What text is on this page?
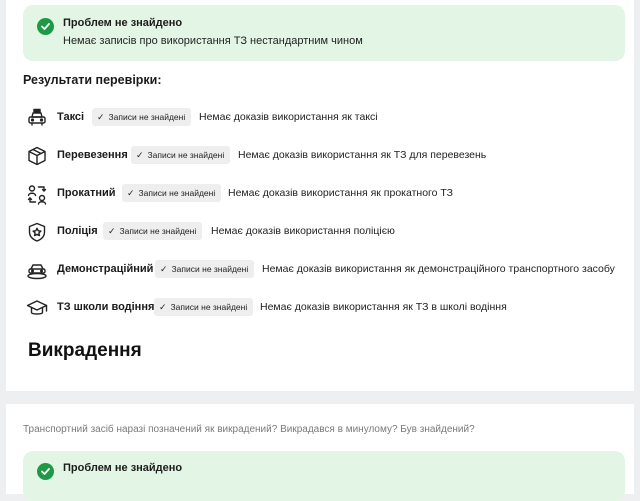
Проблем не знайдено
Немає записів про використання ТЗ нестандартним чином
Результати перевірки:
Таксі	✓ Записи не знайдені	Немає доказів використання як таксі
Перевезення ✓ Записи не знайдені	Немає доказів використання як ТЗ для перевезень
Прокатний	✓ Записи не знайдені	Немає доказів використання як прокатного ТЗ
Поліція	✓ Записи не знайдені	Немає доказів використання поліцією
Демонстраційний ✓ Записи не знайдені	Немає доказів використання як демонстраційного транспортного засобу
ТЗ школи водіння ✓ Записи не знайдені	Немає доказів використання як ТЗ в школі водіння
Викрадення
Транспортний засіб наразі позначений як викрадений? Викрадався в минулому? Був знайдений?
Проблем не знайдено
